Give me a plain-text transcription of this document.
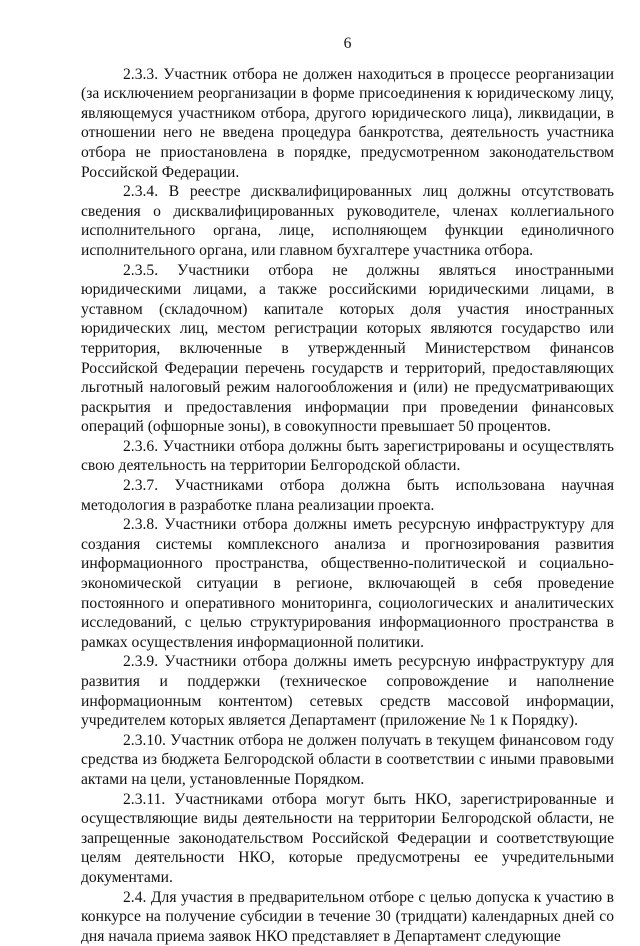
6

2.3.3. Участник отбора не должен находиться в процессе реорганизации (за исключением реорганизации в форме присоединения к юридическому лицу, являющемуся участником отбора, другого юридического лица), ликвидации, в отношении него не введена процедура банкротства, деятельность участника отбора не приостановлена в порядке, предусмотренном законодательством Российской Федерации.

2.3.4. В реестре дисквалифицированных лиц должны отсутствовать сведения о дисквалифицированных руководителе, членах коллегиального исполнительного органа, лице, исполняющем функции единоличного исполнительного органа, или главном бухгалтере участника отбора.

2.3.5. Участники отбора не должны являться иностранными юридическими лицами, а также российскими юридическими лицами, в уставном (складочном) капитале которых доля участия иностранных юридических лиц, местом регистрации которых являются государство или территория, включенные в утвержденный Министерством финансов Российской Федерации перечень государств и территорий, предоставляющих льготный налоговый режим налогообложения и (или) не предусматривающих раскрытия и предоставления информации при проведении финансовых операций (офшорные зоны), в совокупности превышает 50 процентов.

2.3.6. Участники отбора должны быть зарегистрированы и осуществлять свою деятельность на территории Белгородской области.

2.3.7. Участниками отбора должна быть использована научная методология в разработке плана реализации проекта.

2.3.8. Участники отбора должны иметь ресурсную инфраструктуру для создания системы комплексного анализа и прогнозирования развития информационного пространства, общественно-политической и социально-экономической ситуации в регионе, включающей в себя проведение постоянного и оперативного мониторинга, социологических и аналитических исследований, с целью структурирования информационного пространства в рамках осуществления информационной политики.

2.3.9. Участники отбора должны иметь ресурсную инфраструктуру для развития и поддержки (техническое сопровождение и наполнение информационным контентом) сетевых средств массовой информации, учредителем которых является Департамент (приложение № 1 к Порядку).

2.3.10. Участник отбора не должен получать в текущем финансовом году средства из бюджета Белгородской области в соответствии с иными правовыми актами на цели, установленные Порядком.

2.3.11. Участниками отбора могут быть НКО, зарегистрированные и осуществляющие виды деятельности на территории Белгородской области, не запрещенные законодательством Российской Федерации и соответствующие целям деятельности НКО, которые предусмотрены ее учредительными документами.

2.4. Для участия в предварительном отборе с целью допуска к участию в конкурсе на получение субсидии в течение 30 (тридцати) календарных дней со дня начала приема заявок НКО представляет в Департамент следующие
